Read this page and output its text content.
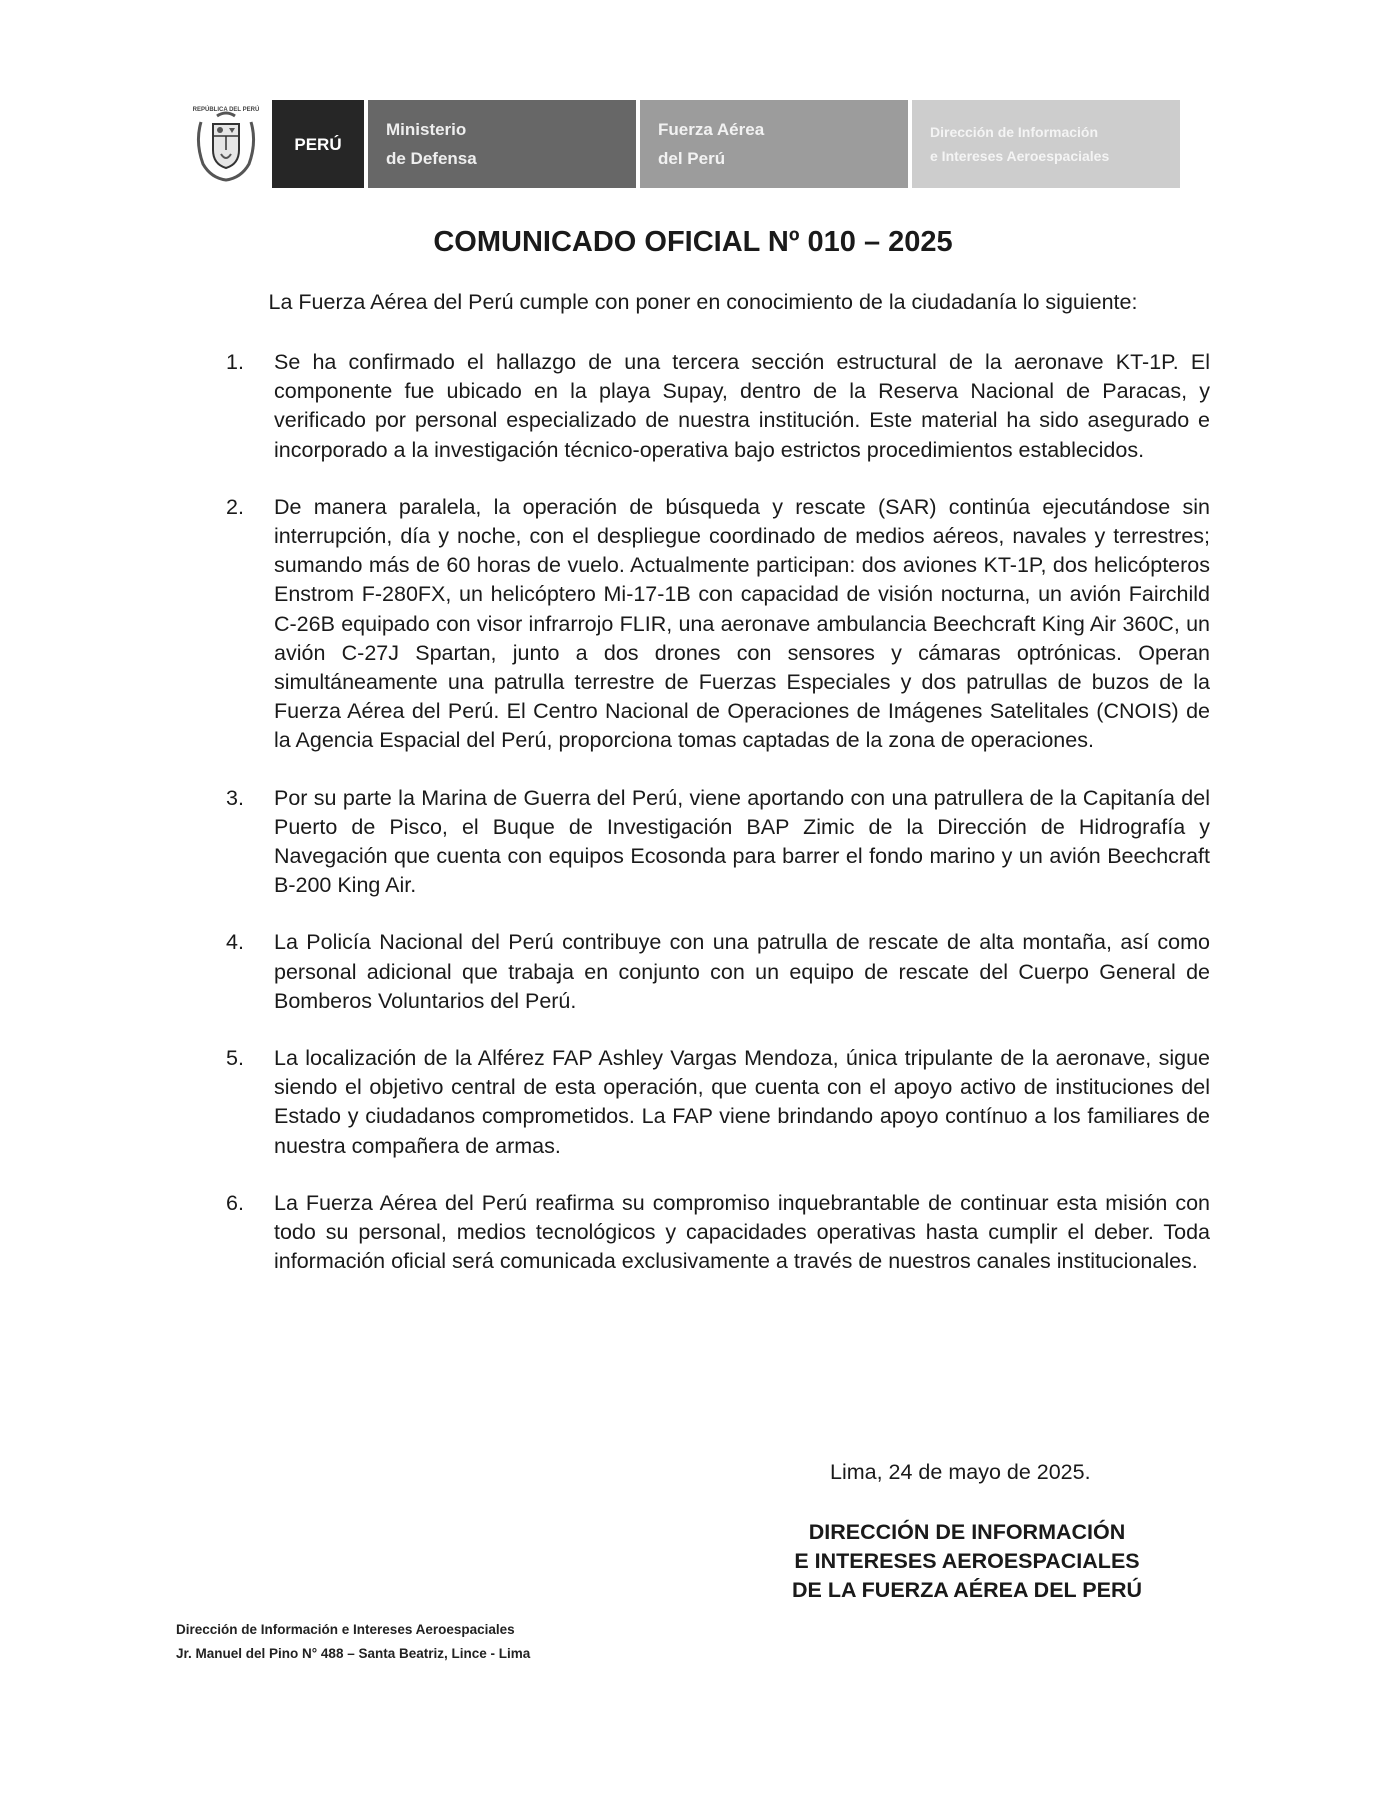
REPÚBLICA DEL PERÚ
PERÚ
Ministerio
de Defensa
Fuerza Aérea
del Perú
Dirección de Información
e Intereses Aeroespaciales
COMUNICADO OFICIAL Nº 010 – 2025

La Fuerza Aérea del Perú cumple con poner en conocimiento de la ciudadanía lo siguiente:

1.	Se ha confirmado el hallazgo de una tercera sección estructural de la aeronave KT-1P. El componente fue ubicado en la playa Supay, dentro de la Reserva Nacional de Paracas, y verificado por personal especializado de nuestra institución. Este material ha sido asegurado e incorporado a la investigación técnico-operativa bajo estrictos procedimientos establecidos.
2.	De manera paralela, la operación de búsqueda y rescate (SAR) continúa ejecutándose sin interrupción, día y noche, con el despliegue coordinado de medios aéreos, navales y terrestres; sumando más de 60 horas de vuelo. Actualmente participan: dos aviones KT-1P, dos helicópteros Enstrom F-280FX, un helicóptero Mi-17-1B con capacidad de visión nocturna, un avión Fairchild C-26B equipado con visor infrarrojo FLIR, una aeronave ambulancia Beechcraft King Air 360C, un avión C-27J Spartan, junto a dos drones con sensores y cámaras optrónicas. Operan simultáneamente una patrulla terrestre de Fuerzas Especiales y dos patrullas de buzos de la Fuerza Aérea del Perú. El Centro Nacional de Operaciones de Imágenes Satelitales (CNOIS) de la Agencia Espacial del Perú, proporciona tomas captadas de la zona de operaciones.
3.	Por su parte la Marina de Guerra del Perú, viene aportando con una patrullera de la Capitanía del Puerto de Pisco, el Buque de Investigación BAP Zimic de la Dirección de Hidrografía y Navegación que cuenta con equipos Ecosonda para barrer el fondo marino y un avión Beechcraft B-200 King Air.
4.	La Policía Nacional del Perú contribuye con una patrulla de rescate de alta montaña, así como personal adicional que trabaja en conjunto con un equipo de rescate del Cuerpo General de Bomberos Voluntarios del Perú.
5.	La localización de la Alférez FAP Ashley Vargas Mendoza, única tripulante de la aeronave, sigue siendo el objetivo central de esta operación, que cuenta con el apoyo activo de instituciones del Estado y ciudadanos comprometidos. La FAP viene brindando apoyo contínuo a los familiares de nuestra compañera de armas.
6.	La Fuerza Aérea del Perú reafirma su compromiso inquebrantable de continuar esta misión con todo su personal, medios tecnológicos y capacidades operativas hasta cumplir el deber. Toda información oficial será comunicada exclusivamente a través de nuestros canales institucionales.

Lima, 24 de mayo de 2025.

DIRECCIÓN DE INFORMACIÓN
E INTERESES AEROESPACIALES
DE LA FUERZA AÉREA DEL PERÚ
Dirección de Información e Intereses Aeroespaciales
Jr. Manuel del Pino N° 488 – Santa Beatriz, Lince - Lima
